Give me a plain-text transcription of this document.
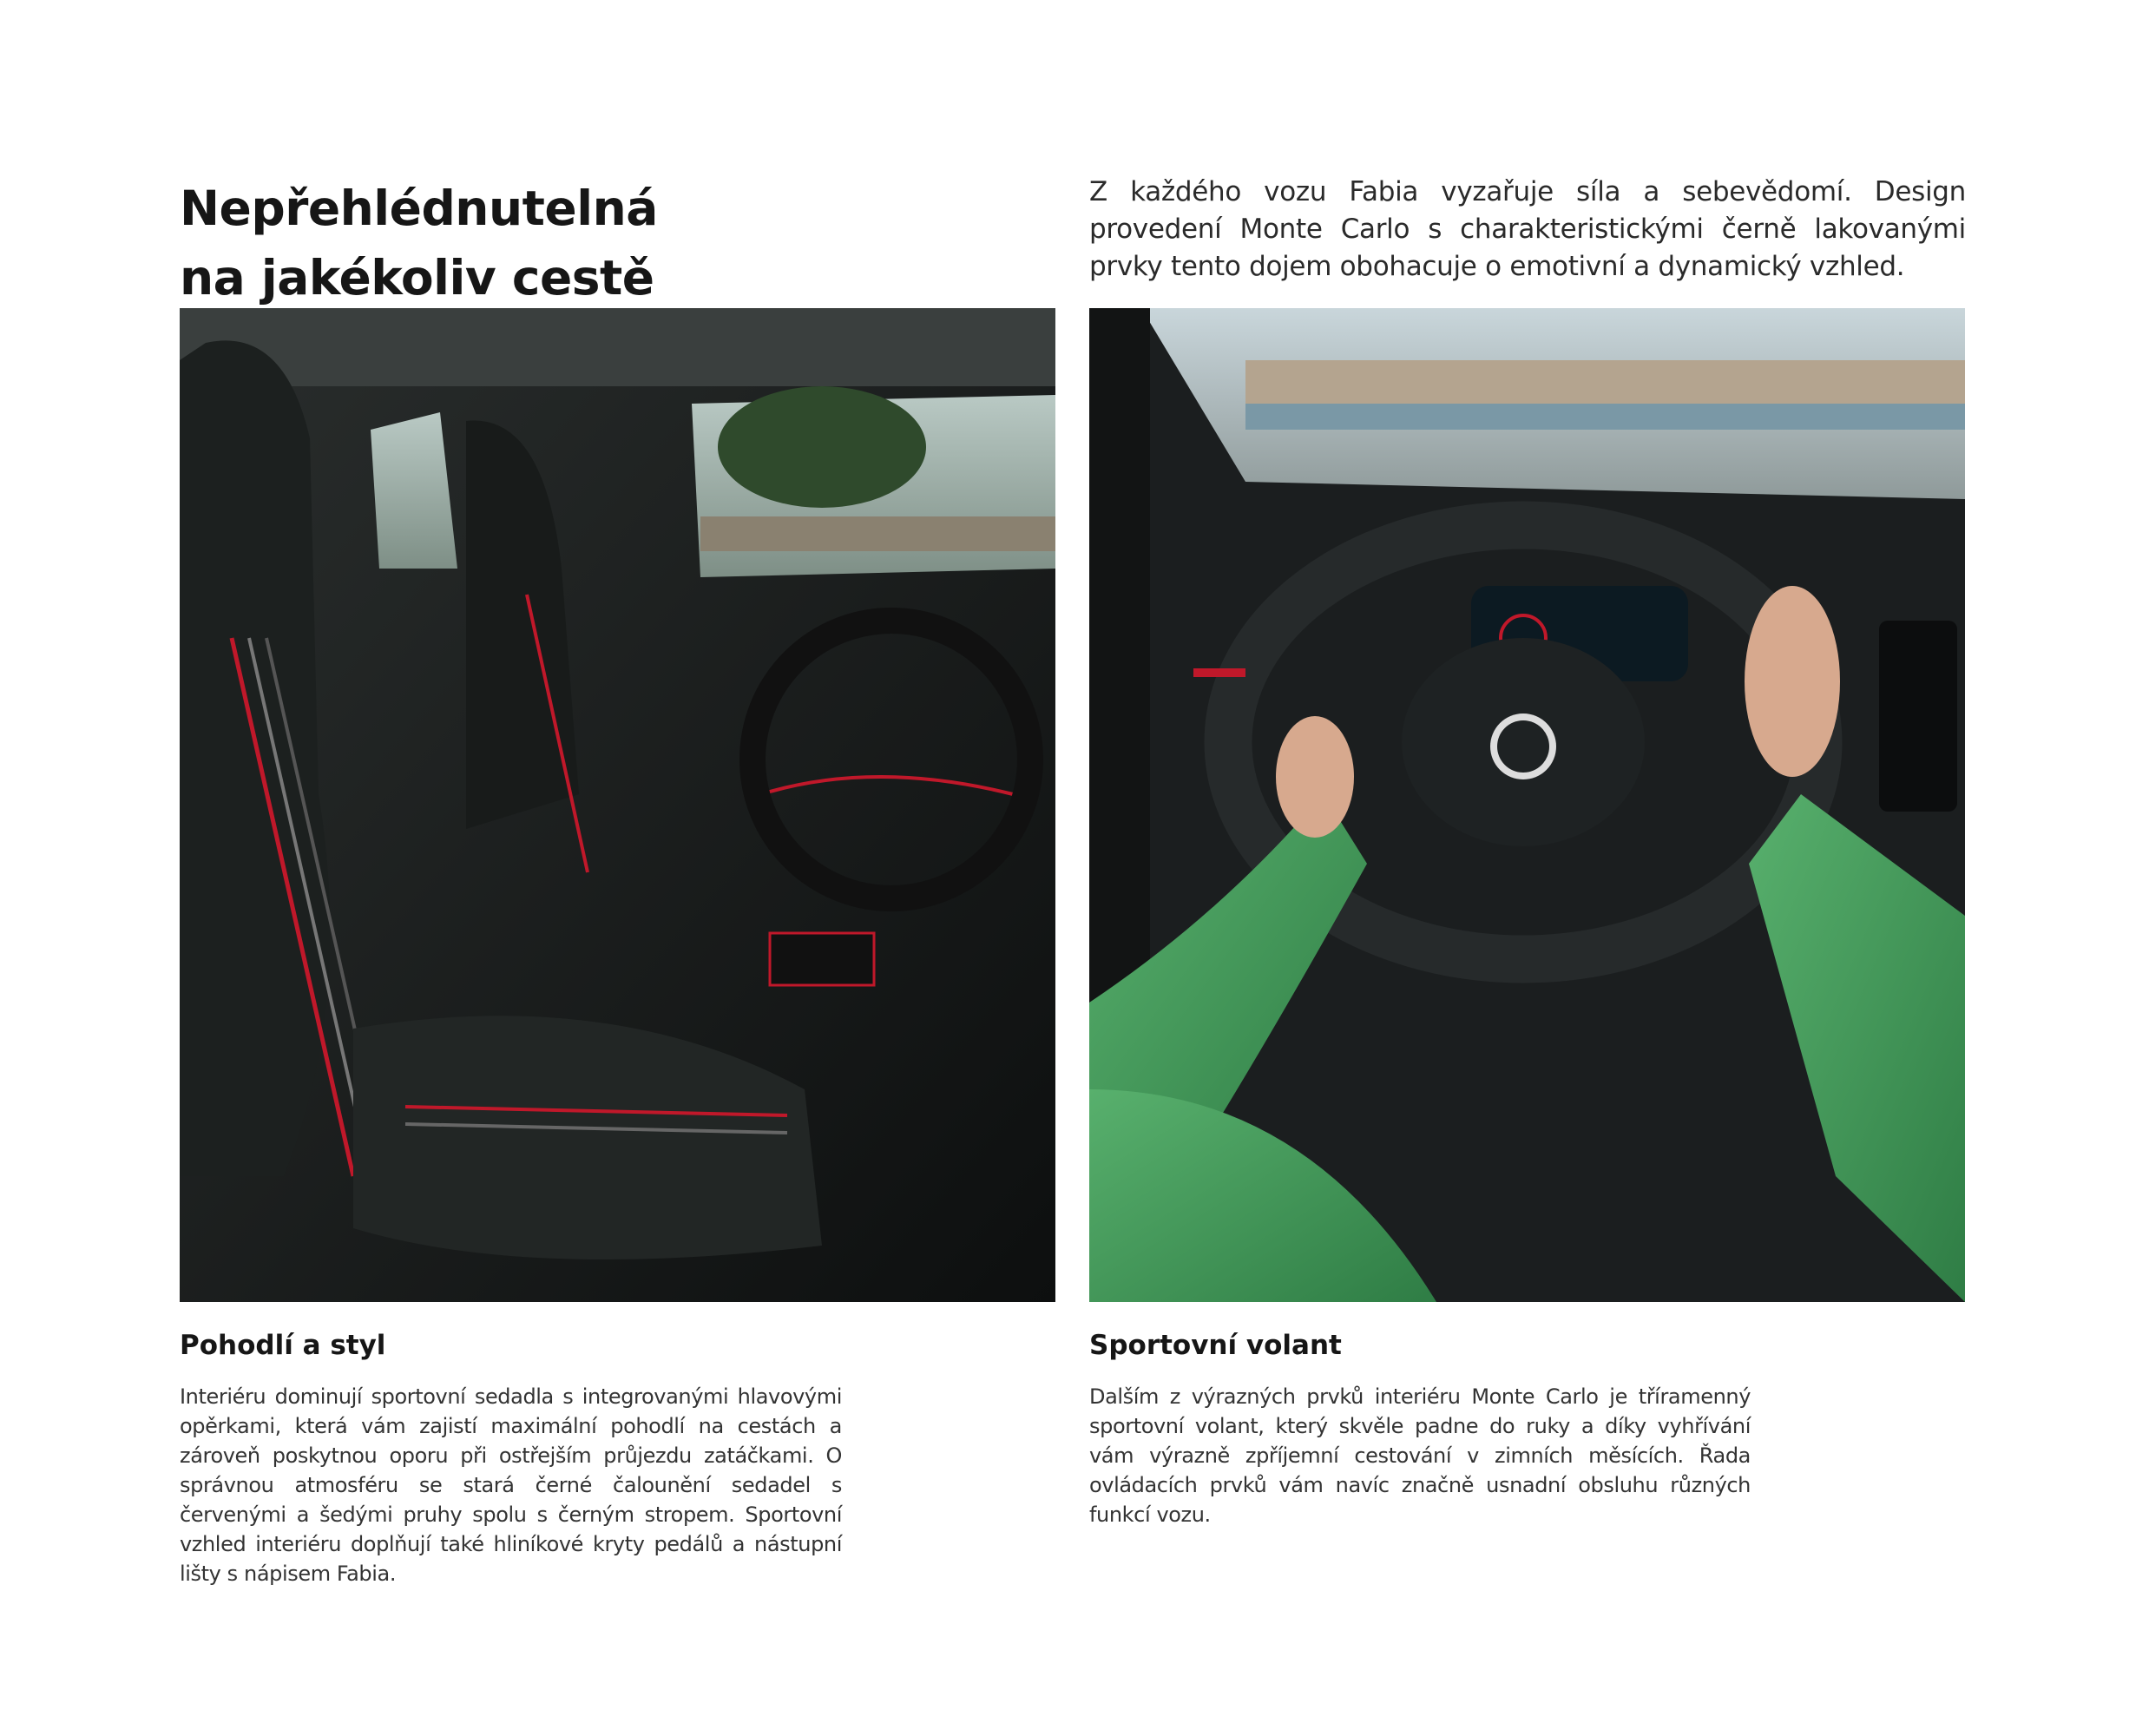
Nepřehlédnutelná
na jakékoliv cestě

Z každého vozu Fabia vyzařuje síla a sebevědomí. Design provedení Monte Carlo s charakteristickými černě lakovanými prvky tento dojem obohacuje o emotivní a dynamický vzhled.

Pohodlí a styl

Interiéru dominují sportovní sedadla s integrovanými hlavovými opěrkami, která vám zajistí maximální pohodlí na cestách a zároveň poskytnou oporu při ostřejším průjezdu zatáčkami. O správnou atmosféru se stará černé čalounění sedadel s červenými a šedými pruhy spolu s černým stropem. Sportovní vzhled interiéru doplňují také hliníkové kryty pedálů a nástupní lišty s nápisem Fabia.

Sportovní volant

Dalším z výrazných prvků interiéru Monte Carlo je tříramenný sportovní volant, který skvěle padne do ruky a díky vyhřívání vám výrazně zpříjemní cestování v zimních měsících. Řada ovládacích prvků vám navíc značně usnadní obsluhu různých funkcí vozu.
